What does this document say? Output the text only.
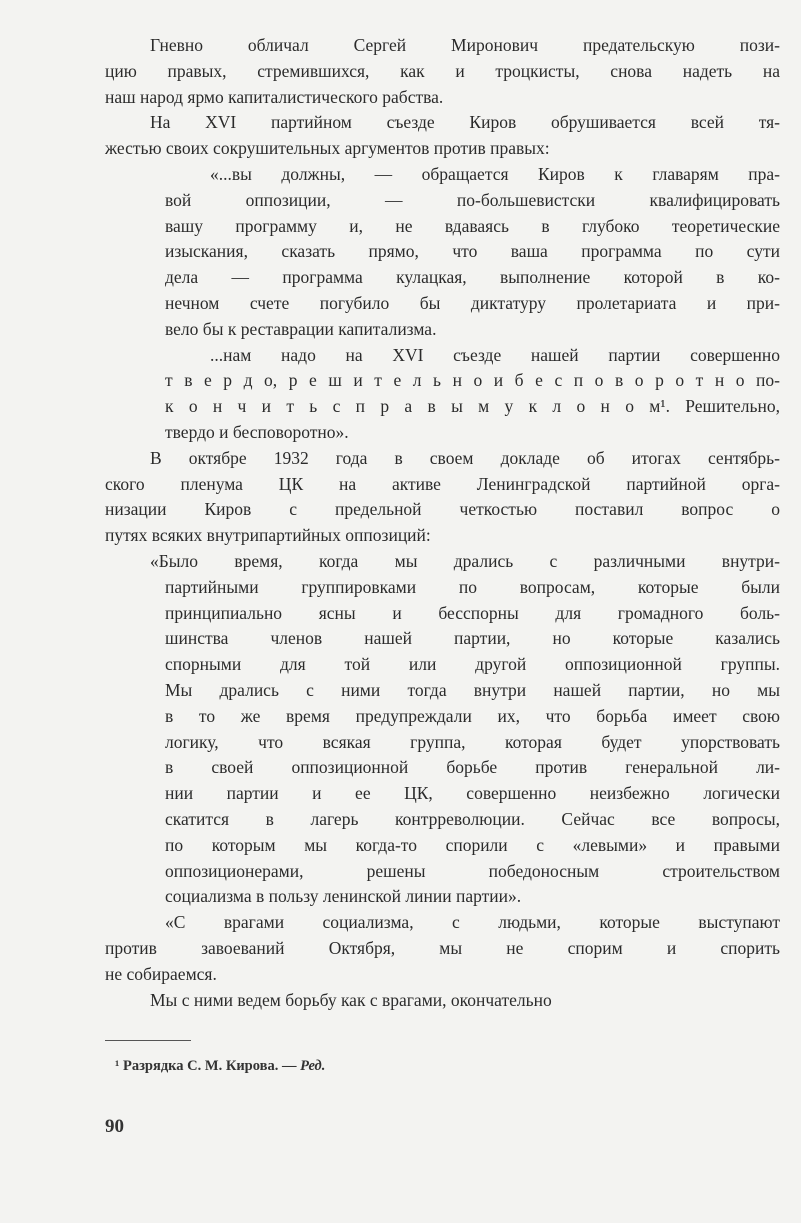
Гневно обличал Сергей Миронович предательскую пози-
цию правых, стремившихся, как и троцкисты, снова надеть на
наш народ ярмо капиталистического рабства.
На XVI партийном съезде Киров обрушивается всей тя-
жестью своих сокрушительных аргументов против правых:
«...вы должны, — обращается Киров к главарям пра-
вой оппозиции, — по-большевистски квалифицировать
вашу программу и, не вдаваясь в глубоко теоретические
изыскания, сказать прямо, что ваша программа по сути
дела — программа кулацкая, выполнение которой в ко-
нечном счете погубило бы диктатуру пролетариата и при-
вело бы к реставрации капитализма.
...нам надо на XVI съезде нашей партии совершенно
т в е р д о, р е ш и т е л ь н о и б е с п о в о р о т н о по-
к о н ч и т ь с п р а в ы м у к л о н о м¹. Решительно,
твердо и бесповоротно».
В октябре 1932 года в своем докладе об итогах сентябрь-
ского пленума ЦК на активе Ленинградской партийной орга-
низации Киров с предельной четкостью поставил вопрос о
путях всяких внутрипартийных оппозиций:
«Было время, когда мы дрались с различными внутри-
партийными группировками по вопросам, которые были
принципиально ясны и бесспорны для громадного боль-
шинства членов нашей партии, но которые казались
спорными для той или другой оппозиционной группы.
Мы дрались с ними тогда внутри нашей партии, но мы
в то же время предупреждали их, что борьба имеет свою
логику, что всякая группа, которая будет упорствовать
в своей оппозиционной борьбе против генеральной ли-
нии партии и ее ЦК, совершенно неизбежно логически
скатится в лагерь контрреволюции. Сейчас все вопросы,
по которым мы когда-то спорили с «левыми» и правыми
оппозиционерами, решены победоносным строительством
социализма в пользу ленинской линии партии».
«С врагами социализма, с людьми, которые выступают
против завоеваний Октября, мы не спорим и спорить
не собираемся.
Мы с ними ведем борьбу как с врагами, окончательно
¹ Разрядка С. М. Кирова. — Ред.
90
